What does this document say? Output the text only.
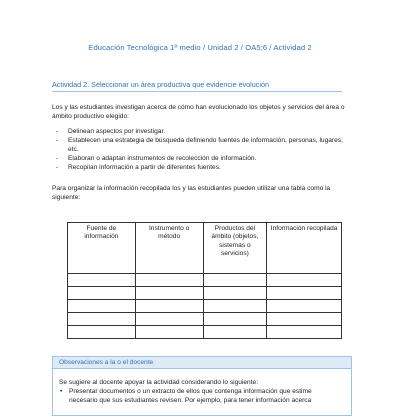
Educación Tecnológica 1º medio / Unidad 2 / OA5;6 / Actividad 2
Actividad 2. Seleccionar un área productiva que evidencie evolución
Los y las estudiantes investigan acerca de cómo han evolucionado los objetos y servicios del área o ámbito productivo elegido:
- Delinean aspectos por investigar.
- Establecen una estrategia de búsqueda definiendo fuentes de información, personas, lugares, etc.
- Elaboran o adaptan instrumentos de recolección de información.
- Recopilan información a partir de diferentes fuentes.
Para organizar la información recopilada los y las estudiantes pueden utilizar una tabla como la siguiente:
Fuente de información	Instrumento o método	Productos del ámbito (objetos, sistemas o servicios)	Información recopilada

Observaciones a la o el docente
Se sugiere al docente apoyar la actividad considerando lo siguiente:
• Presentar documentos o un extracto de ellos que contenga información que estime
necesario que sus estudiantes revisen. Por ejemplo, para tener información acerca
